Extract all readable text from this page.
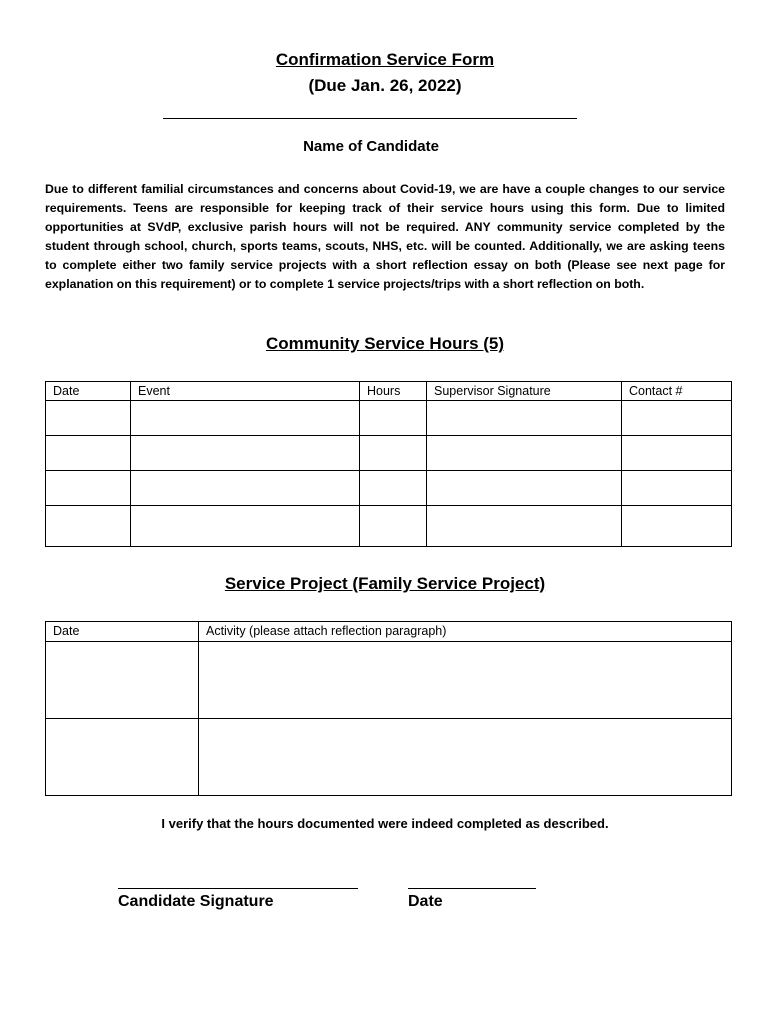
Confirmation Service Form
(Due Jan. 26, 2022)
Name of Candidate
Due to different familial circumstances and concerns about Covid-19, we are have a couple changes to our service requirements. Teens are responsible for keeping track of their service hours using this form. Due to limited opportunities at SVdP, exclusive parish hours will not be required. ANY community service completed by the student through school, church, sports teams, scouts, NHS, etc. will be counted. Additionally, we are asking teens to complete either two family service projects with a short reflection essay on both (Please see next page for explanation on this requirement) or to complete 1 service projects/trips with a short reflection on both.
Community Service Hours (5)
Date	Event	Hours	Supervisor Signature	Contact #

Service Project (Family Service Project)
Date	Activity (please attach reflection paragraph)

I verify that the hours documented were indeed completed as described.
Candidate Signature	Date
